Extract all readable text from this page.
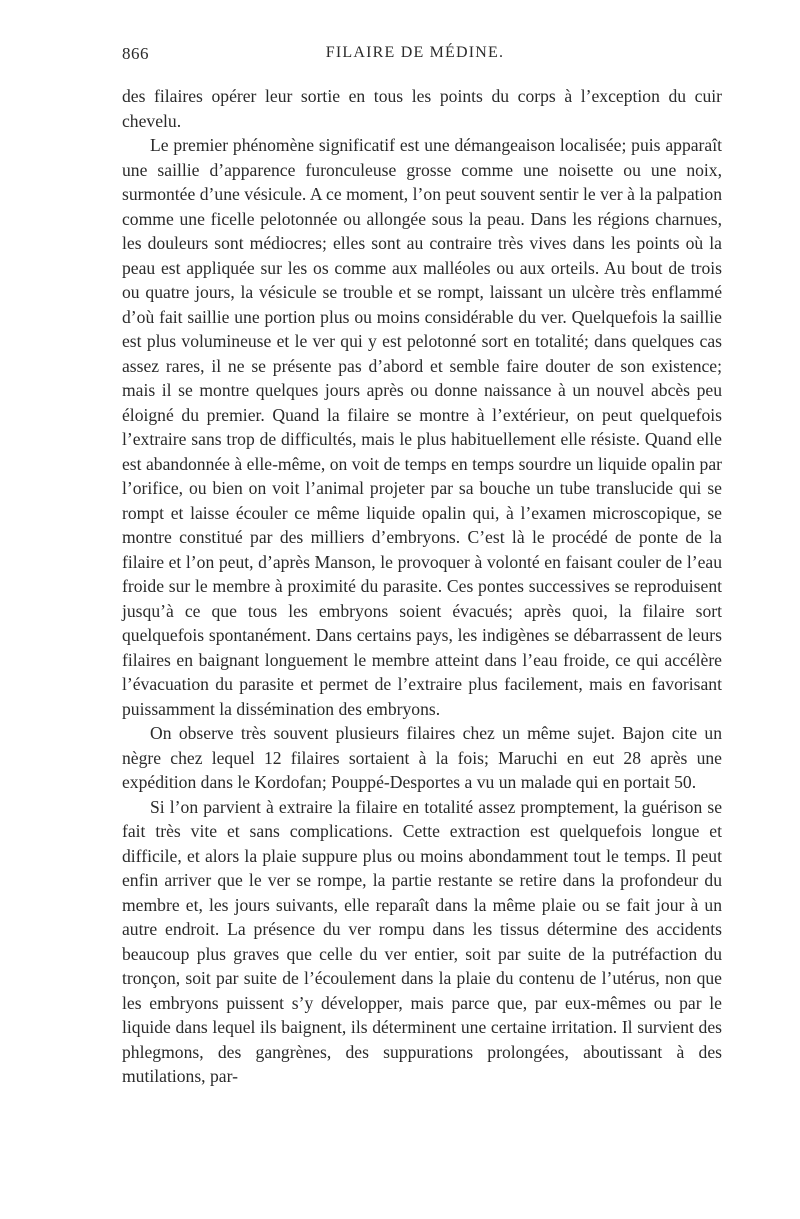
866	FILAIRE DE MÉDINE.

des filaires opérer leur sortie en tous les points du corps à l’exception du cuir chevelu.

Le premier phénomène significatif est une démangeaison localisée; puis apparaît une saillie d’apparence furonculeuse grosse comme une noisette ou une noix, surmontée d’une vésicule. A ce moment, l’on peut souvent sentir le ver à la palpation comme une ficelle pelotonnée ou allongée sous la peau. Dans les régions charnues, les douleurs sont médiocres; elles sont au contraire très vives dans les points où la peau est appliquée sur les os comme aux malléoles ou aux orteils. Au bout de trois ou quatre jours, la vésicule se trouble et se rompt, laissant un ulcère très enflammé d’où fait saillie une portion plus ou moins considérable du ver. Quelquefois la saillie est plus volumineuse et le ver qui y est pelotonné sort en totalité; dans quelques cas assez rares, il ne se présente pas d’abord et semble faire douter de son existence; mais il se montre quelques jours après ou donne naissance à un nouvel abcès peu éloigné du premier. Quand la filaire se montre à l’extérieur, on peut quelquefois l’extraire sans trop de difficultés, mais le plus habituellement elle résiste. Quand elle est abandonnée à elle-même, on voit de temps en temps sourdre un liquide opalin par l’orifice, ou bien on voit l’animal projeter par sa bouche un tube translucide qui se rompt et laisse écouler ce même liquide opalin qui, à l’examen microscopique, se montre constitué par des milliers d’embryons. C’est là le procédé de ponte de la filaire et l’on peut, d’après Manson, le provoquer à volonté en faisant couler de l’eau froide sur le membre à proximité du parasite. Ces pontes successives se reproduisent jusqu’à ce que tous les embryons soient évacués; après quoi, la filaire sort quelquefois spontanément. Dans certains pays, les indigènes se débarrassent de leurs filaires en baignant longuement le membre atteint dans l’eau froide, ce qui accélère l’évacuation du parasite et permet de l’extraire plus facilement, mais en favorisant puissamment la dissémination des embryons.

On observe très souvent plusieurs filaires chez un même sujet. Bajon cite un nègre chez lequel 12 filaires sortaient à la fois; Maruchi en eut 28 après une expédition dans le Kordofan; Pouppé-Desportes a vu un malade qui en portait 50.

Si l’on parvient à extraire la filaire en totalité assez promptement, la guérison se fait très vite et sans complications. Cette extraction est quelquefois longue et difficile, et alors la plaie suppure plus ou moins abondamment tout le temps. Il peut enfin arriver que le ver se rompe, la partie restante se retire dans la profondeur du membre et, les jours suivants, elle reparaît dans la même plaie ou se fait jour à un autre endroit. La présence du ver rompu dans les tissus détermine des accidents beaucoup plus graves que celle du ver entier, soit par suite de la putréfaction du tronçon, soit par suite de l’écoulement dans la plaie du contenu de l’utérus, non que les embryons puissent s’y développer, mais parce que, par eux-mêmes ou par le liquide dans lequel ils baignent, ils déterminent une certaine irritation. Il survient des phlegmons, des gangrènes, des suppurations prolongées, aboutissant à des mutilations, par-
